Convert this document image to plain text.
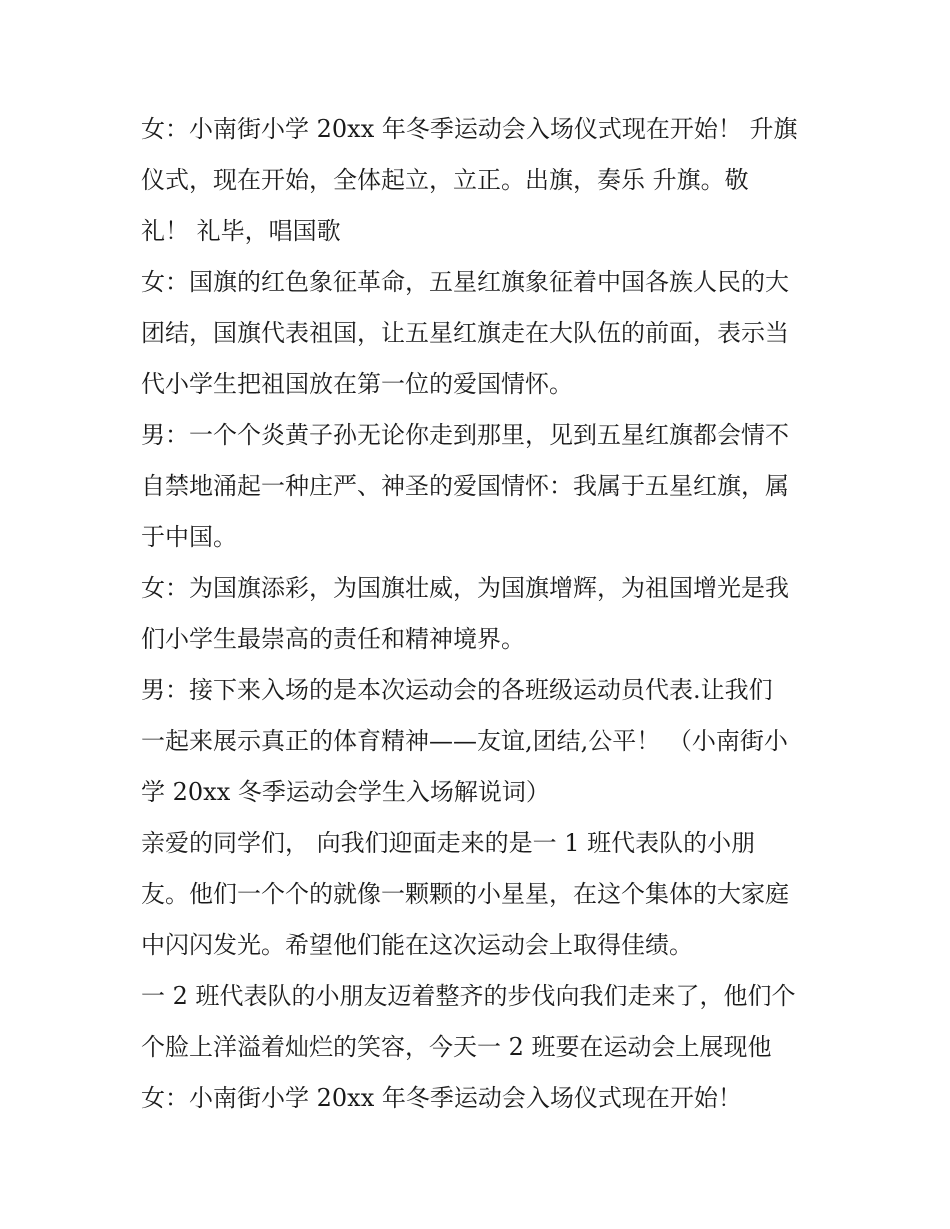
女：小南街小学 20xx 年冬季运动会入场仪式现在开始！ 升旗
仪式，现在开始，全体起立，立正。出旗，奏乐 升旗。敬
礼！ 礼毕，唱国歌
女：国旗的红色象征革命，五星红旗象征着中国各族人民的大
团结，国旗代表祖国，让五星红旗走在大队伍的前面，表示当
代小学生把祖国放在第一位的爱国情怀。
男：一个个炎黄子孙无论你走到那里，见到五星红旗都会情不
自禁地涌起一种庄严、神圣的爱国情怀：我属于五星红旗，属
于中国。
女：为国旗添彩，为国旗壮威，为国旗增辉，为祖国增光是我
们小学生最崇高的责任和精神境界。
男：接下来入场的是本次运动会的各班级运动员代表.让我们
一起来展示真正的体育精神——友谊,团结,公平！ （小南街小
学 20xx 冬季运动会学生入场解说词）
亲爱的同学们， 向我们迎面走来的是一 1 班代表队的小朋
友。他们一个个的就像一颗颗的小星星，在这个集体的大家庭
中闪闪发光。希望他们能在这次运动会上取得佳绩。
一 2 班代表队的小朋友迈着整齐的步伐向我们走来了，他们个
个脸上洋溢着灿烂的笑容，今天一 2 班要在运动会上展现他
女：小南街小学 20xx 年冬季运动会入场仪式现在开始！
